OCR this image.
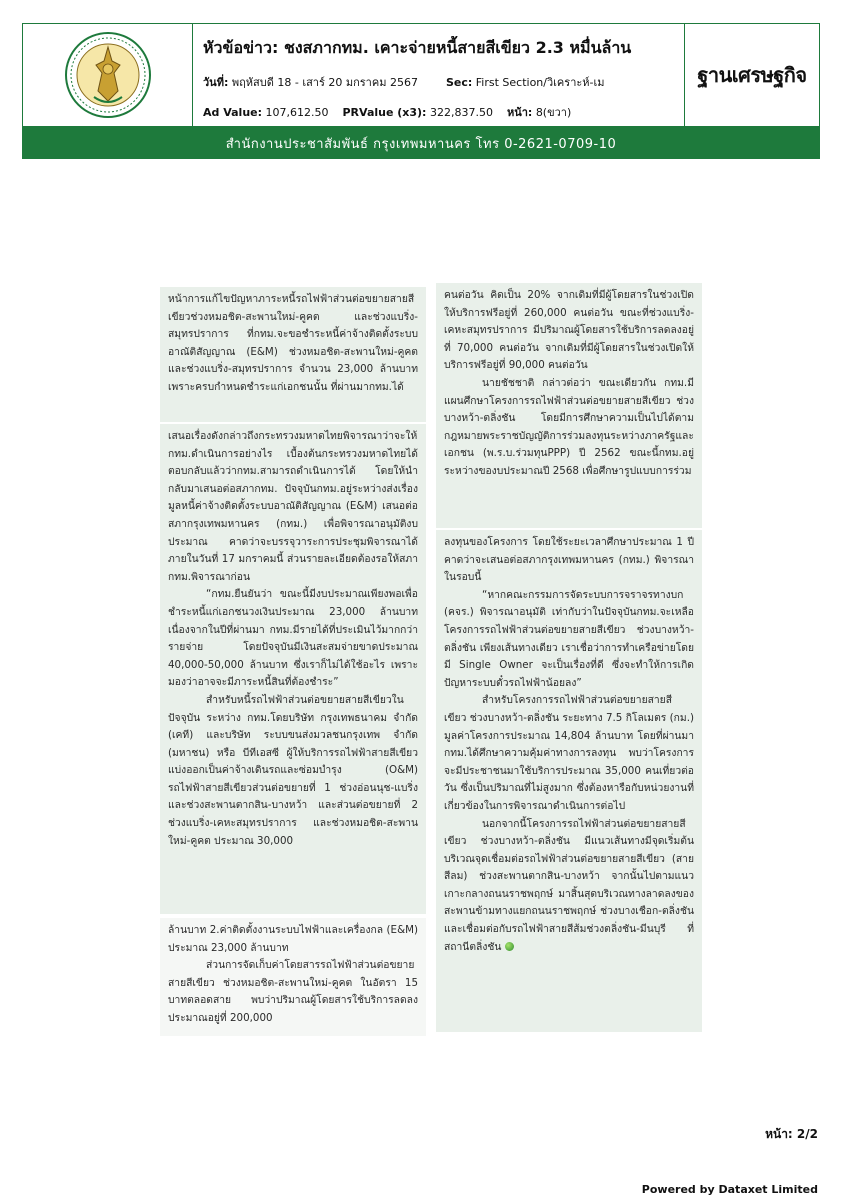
หัวข้อข่าว: ชงสภากทม. เคาะจ่ายหนี้สายสีเขียว 2.3 หมื่นล้าน
วันที่: พฤหัสบดี 18 - เสาร์ 20 มกราคม 2567	Sec: First Section/วิเคราะห์-เม
Ad Value: 107,612.50 PRValue (x3): 322,837.50 หน้า: 8(ขวา)
ฐานเศรษฐกิจ
สำนักงานประชาสัมพันธ์ กรุงเทพมหานคร โทร 0-2621-0709-10

หน้าการแก้ไขปัญหาภาระหนี้รถไฟฟ้าส่วนต่อขยายสายสีเขียวช่วงหมอชิต-สะพานใหม่-คูคต และช่วงแบริ่ง-สมุทรปราการ ที่กทม.จะขอชำระหนี้ค่าจ้างติดตั้งระบบอาณัติสัญญาณ (E&M) ช่วงหมอชิต-สะพานใหม่-คูคต และช่วงแบริ่ง-สมุทรปราการ จำนวน 23,000 ล้านบาท เพราะครบกำหนดชำระแก่เอกชนนั้น ที่ผ่านมากทม.ได้

เสนอเรื่องดังกล่าวถึงกระทรวงมหาดไทยพิจารณาว่าจะให้กทม.ดำเนินการอย่างไร เบื้องต้นกระทรวงมหาดไทยได้ตอบกลับแล้วว่ากทม.สามารถดำเนินการได้ โดยให้นำกลับมาเสนอต่อสภากทม. ปัจจุบันกทม.อยู่ระหว่างส่งเรื่องมูลหนี้ค่าจ้างติดตั้งระบบอาณัติสัญญาณ (E&M) เสนอต่อสภากรุงเทพมหานคร (กทม.) เพื่อพิจารณาอนุมัติงบประมาณ คาดว่าจะบรรจุวาระการประชุมพิจารณาได้ภายในวันที่ 17 มกราคมนี้ ส่วนรายละเอียดต้องรอให้สภากทม.พิจารณาก่อน

“กทม.ยืนยันว่า ขณะนี้มีงบประมาณเพียงพอเพื่อชำระหนี้แก่เอกชนวงเงินประมาณ 23,000 ล้านบาท เนื่องจากในปีที่ผ่านมา กทม.มีรายได้ที่ประเมินไว้มากกว่ารายจ่าย โดยปัจจุบันมีเงินสะสมจ่ายขาดประมาณ 40,000-50,000 ล้านบาท ซึ่งเราก็ไม่ได้ใช้อะไร เพราะมองว่าอาจจะมีภาระหนี้สินที่ต้องชำระ”

สำหรับหนี้รถไฟฟ้าส่วนต่อขยายสายสีเขียวในปัจจุบัน ระหว่าง กทม.โดยบริษัท กรุงเทพธนาคม จำกัด (เคที) และบริษัท ระบบขนส่งมวลชนกรุงเทพ จำกัด (มหาชน) หรือ บีทีเอสซี ผู้ให้บริการรถไฟฟ้าสายสีเขียว แบ่งออกเป็นค่าจ้างเดินรถและซ่อมบำรุง (O&M) รถไฟฟ้าสายสีเขียวส่วนต่อขยายที่ 1 ช่วงอ่อนนุช-แบริ่ง และช่วงสะพานตากสิน-บางหว้า และส่วนต่อขยายที่ 2 ช่วงแบริ่ง-เคหะสมุทรปราการ และช่วงหมอชิต-สะพานใหม่-คูคต ประมาณ 30,000

ล้านบาท 2.ค่าติดตั้งงานระบบไฟฟ้าและเครื่องกล (E&M) ประมาณ 23,000 ล้านบาท

ส่วนการจัดเก็บค่าโดยสารรถไฟฟ้าส่วนต่อขยายสายสีเขียว ช่วงหมอชิต-สะพานใหม่-คูคต ในอัตรา 15 บาทตลอดสาย พบว่าปริมาณผู้โดยสารใช้บริการลดลงประมาณอยู่ที่ 200,000

คนต่อวัน คิดเป็น 20% จากเดิมที่มีผู้โดยสารในช่วงเปิดให้บริการฟรีอยู่ที่ 260,000 คนต่อวัน ขณะที่ช่วงแบริ่ง-เคหะสมุทรปราการ มีปริมาณผู้โดยสารใช้บริการลดลงอยู่ที่ 70,000 คนต่อวัน จากเดิมที่มีผู้โดยสารในช่วงเปิดให้บริการฟรีอยู่ที่ 90,000 คนต่อวัน

นายชัชชาติ กล่าวต่อว่า ขณะเดียวกัน กทม.มีแผนศึกษาโครงการรถไฟฟ้าส่วนต่อขยายสายสีเขียว ช่วงบางหว้า-ตลิ่งชัน โดยมีการศึกษาความเป็นไปได้ตามกฎหมายพระราชบัญญัติการร่วมลงทุนระหว่างภาครัฐและเอกชน (พ.ร.บ.ร่วมทุนPPP) ปี 2562 ขณะนี้กทม.อยู่ระหว่างของบประมาณปี 2568 เพื่อศึกษารูปแบบการร่วม

ลงทุนของโครงการ โดยใช้ระยะเวลาศึกษาประมาณ 1 ปี คาดว่าจะเสนอต่อสภากรุงเทพมหานคร (กทม.) พิจารณาในรอบนี้

“หากคณะกรรมการจัดระบบการจราจรทางบก (คจร.) พิจารณาอนุมัติ เท่ากับว่าในปัจจุบันกทม.จะเหลือโครงการรถไฟฟ้าส่วนต่อขยายสายสีเขียว ช่วงบางหว้า-ตลิ่งชัน เพียงเส้นทางเดียว เราเชื่อว่าการทำเครือข่ายโดยมี Single Owner จะเป็นเรื่องที่ดี ซึ่งจะทำให้การเกิดปัญหาระบบตั๋วรถไฟฟ้าน้อยลง”

สำหรับโครงการรถไฟฟ้าส่วนต่อขยายสายสีเขียว ช่วงบางหว้า-ตลิ่งชัน ระยะทาง 7.5 กิโลเมตร (กม.) มูลค่าโครงการประมาณ 14,804 ล้านบาท โดยที่ผ่านมา กทม.ได้ศึกษาความคุ้มค่าทางการลงทุน พบว่าโครงการจะมีประชาชนมาใช้บริการประมาณ 35,000 คนเที่ยวต่อวัน ซึ่งเป็นปริมาณที่ไม่สูงมาก ซึ่งต้องหารือกับหน่วยงานที่เกี่ยวข้องในการพิจารณาดำเนินการต่อไป

นอกจากนี้โครงการรถไฟฟ้าส่วนต่อขยายสายสีเขียว ช่วงบางหว้า-ตลิ่งชัน มีแนวเส้นทางมีจุดเริ่มต้นบริเวณจุดเชื่อมต่อรถไฟฟ้าส่วนต่อขยายสายสีเขียว (สายสีลม) ช่วงสะพานตากสิน-บางหว้า จากนั้นไปตามแนวเกาะกลางถนนราชพฤกษ์ มาสิ้นสุดบริเวณทางลาดลงของสะพานข้ามทางแยกถนนราชพฤกษ์ ช่วงบางเชือก-ตลิ่งชัน และเชื่อมต่อกับรถไฟฟ้าสายสีส้มช่วงตลิ่งชัน-มีนบุรี ที่สถานีตลิ่งชัน

หน้า: 2/2
Powered by Dataxet Limited
